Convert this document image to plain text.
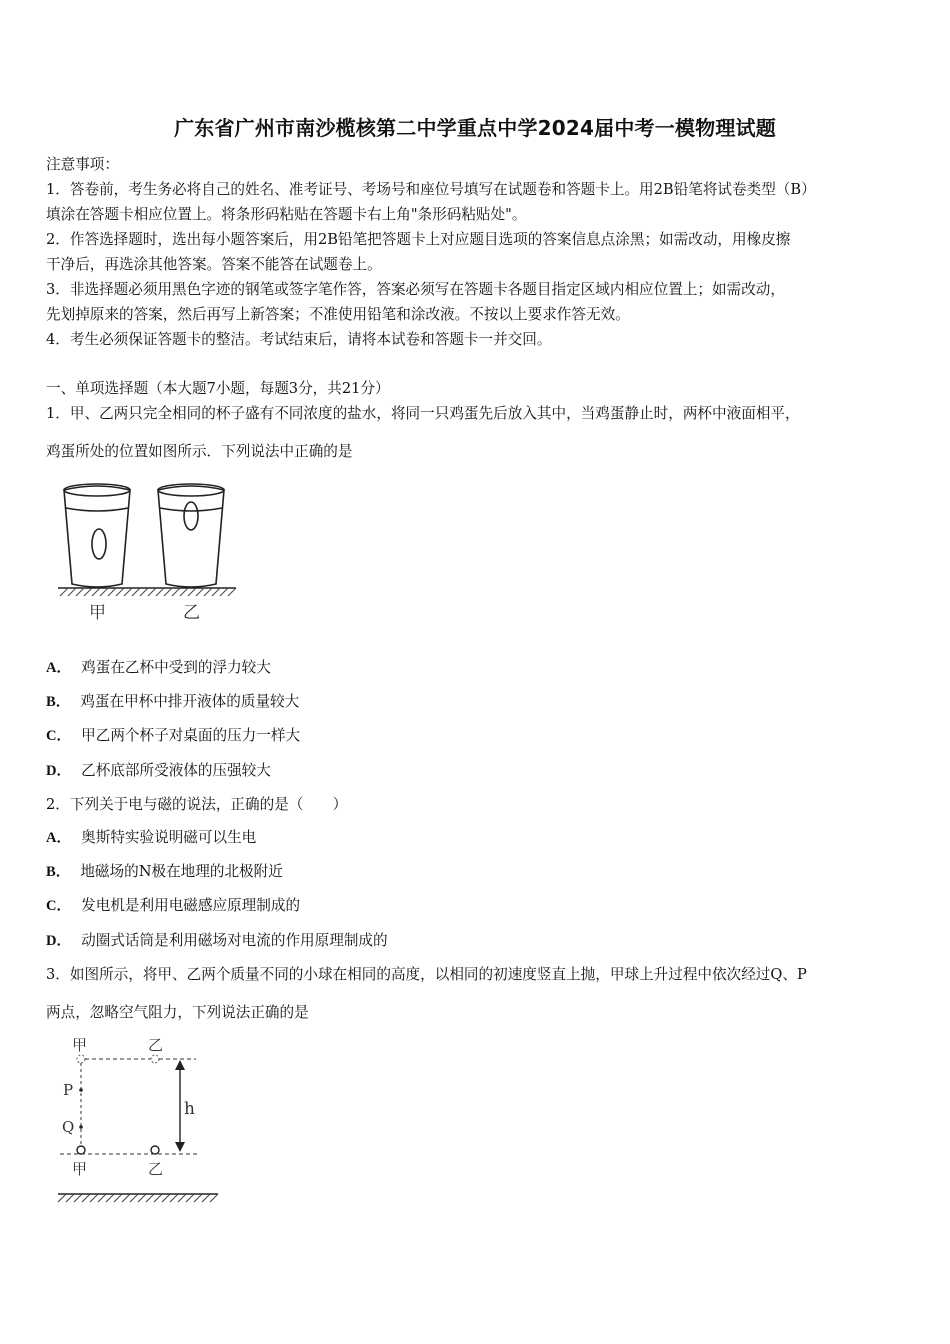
广东省广州市南沙榄核第二中学重点中学2024届中考一模物理试题
注意事项：
1．答卷前，考生务必将自己的姓名、准考证号、考场号和座位号填写在试题卷和答题卡上。用2B铅笔将试卷类型（B）
填涂在答题卡相应位置上。将条形码粘贴在答题卡右上角"条形码粘贴处"。
2．作答选择题时，选出每小题答案后，用2B铅笔把答题卡上对应题目选项的答案信息点涂黑；如需改动，用橡皮擦
干净后，再选涂其他答案。答案不能答在试题卷上。
3．非选择题必须用黑色字迹的钢笔或签字笔作答，答案必须写在答题卡各题目指定区域内相应位置上；如需改动，
先划掉原来的答案，然后再写上新答案；不准使用铅笔和涂改液。不按以上要求作答无效。
4．考生必须保证答题卡的整洁。考试结束后，请将本试卷和答题卡一并交回。
一、单项选择题（本大题7小题，每题3分，共21分）
1．甲、乙两只完全相同的杯子盛有不同浓度的盐水，将同一只鸡蛋先后放入其中，当鸡蛋静止时，两杯中液面相平，
鸡蛋所处的位置如图所示．下列说法中正确的是
甲	乙
A． 鸡蛋在乙杯中受到的浮力较大
B． 鸡蛋在甲杯中排开液体的质量较大
C． 甲乙两个杯子对桌面的压力一样大
D． 乙杯底部所受液体的压强较大
2．下列关于电与磁的说法，正确的是（　　）
A． 奥斯特实验说明磁可以生电
B． 地磁场的N极在地理的北极附近
C． 发电机是利用电磁感应原理制成的
D． 动圈式话筒是利用磁场对电流的作用原理制成的
3．如图所示，将甲、乙两个质量不同的小球在相同的高度，以相同的初速度竖直上抛，甲球上升过程中依次经过Q、P
两点，忽略空气阻力，下列说法正确的是
甲	乙
P
Q
h
甲	乙
